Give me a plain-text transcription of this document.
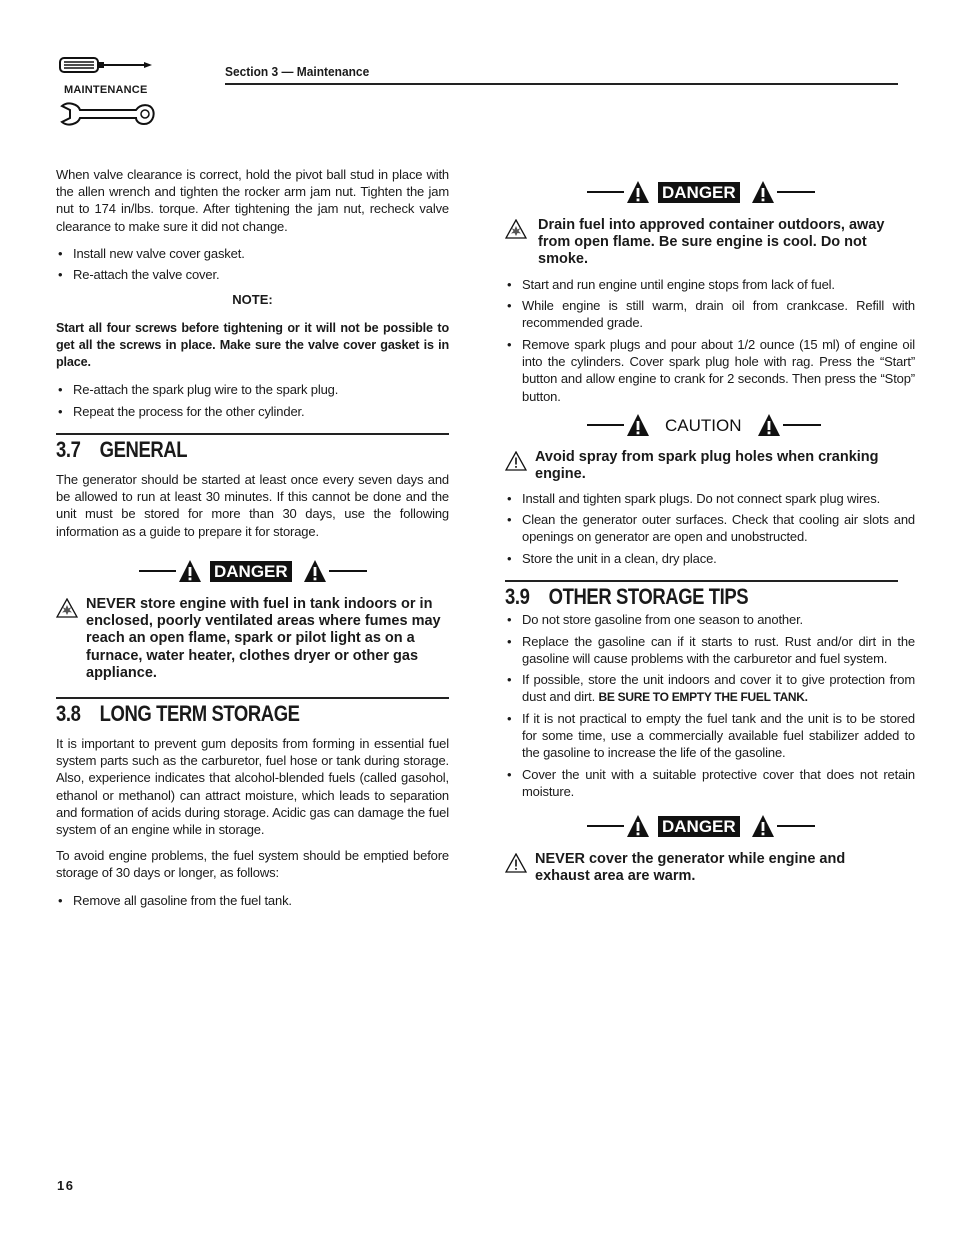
MAINTENANCE
Section 3 — Maintenance

When valve clearance is correct, hold the pivot ball stud in place with the allen wrench and tighten the rocker arm jam nut. Tighten the jam nut to 174 in/lbs. torque. After tightening the jam nut, recheck valve clearance to make sure it did not change.

• Install new valve cover gasket.

• Re-attach the valve cover.

NOTE:

Start all four screws before tightening or it will not be possible to get all the screws in place. Make sure the valve cover gasket is in place.

• Re-attach the spark plug wire to the spark plug.

• Repeat the process for the other cylinder.

3.7 GENERAL

The generator should be started at least once every seven days and be allowed to run at least 30 minutes. If this cannot be done and the unit must be stored for more than 30 days, use the following information as a guide to prepare it for storage.

DANGER
NEVER store engine with fuel in tank indoors or in enclosed, poorly ventilated areas where fumes may reach an open flame, spark or pilot light as on a furnace, water heater, clothes dryer or other gas appliance.
3.8 LONG TERM STORAGE

It is important to prevent gum deposits from forming in essential fuel system parts such as the carburetor, fuel hose or tank during storage. Also, experience indicates that alcohol-blended fuels (called gasohol, ethanol or methanol) can attract moisture, which leads to separation and formation of acids during storage. Acidic gas can damage the fuel system of an engine while in storage.

To avoid engine problems, the fuel system should be emptied before storage of 30 days or longer, as follows:

• Remove all gasoline from the fuel tank.

DANGER
Drain fuel into approved container outdoors, away from open flame. Be sure engine is cool. Do not smoke.

• Start and run engine until engine stops from lack of fuel.

• While engine is still warm, drain oil from crankcase. Refill with recommended grade.

• Remove spark plugs and pour about 1/2 ounce (15 ml) of engine oil into the cylinders. Cover spark plug hole with rag. Press the “Start” button and allow engine to crank for 2 seconds. Then press the “Stop” button.

CAUTION
Avoid spray from spark plug holes when cranking engine.

• Install and tighten spark plugs. Do not connect spark plug wires.

• Clean the generator outer surfaces. Check that cooling air slots and openings on generator are open and unobstructed.

• Store the unit in a clean, dry place.

3.9 OTHER STORAGE TIPS

• Do not store gasoline from one season to another.

• Replace the gasoline can if it starts to rust. Rust and/or dirt in the gasoline will cause problems with the carburetor and fuel system.

• If possible, store the unit indoors and cover it to give protection from dust and dirt. BE SURE TO EMPTY THE FUEL TANK.

• If it is not practical to empty the fuel tank and the unit is to be stored for some time, use a commercially available fuel stabilizer added to the gasoline to increase the life of the gasoline.

• Cover the unit with a suitable protective cover that does not retain moisture.

DANGER
NEVER cover the generator while engine and exhaust area are warm.
16
